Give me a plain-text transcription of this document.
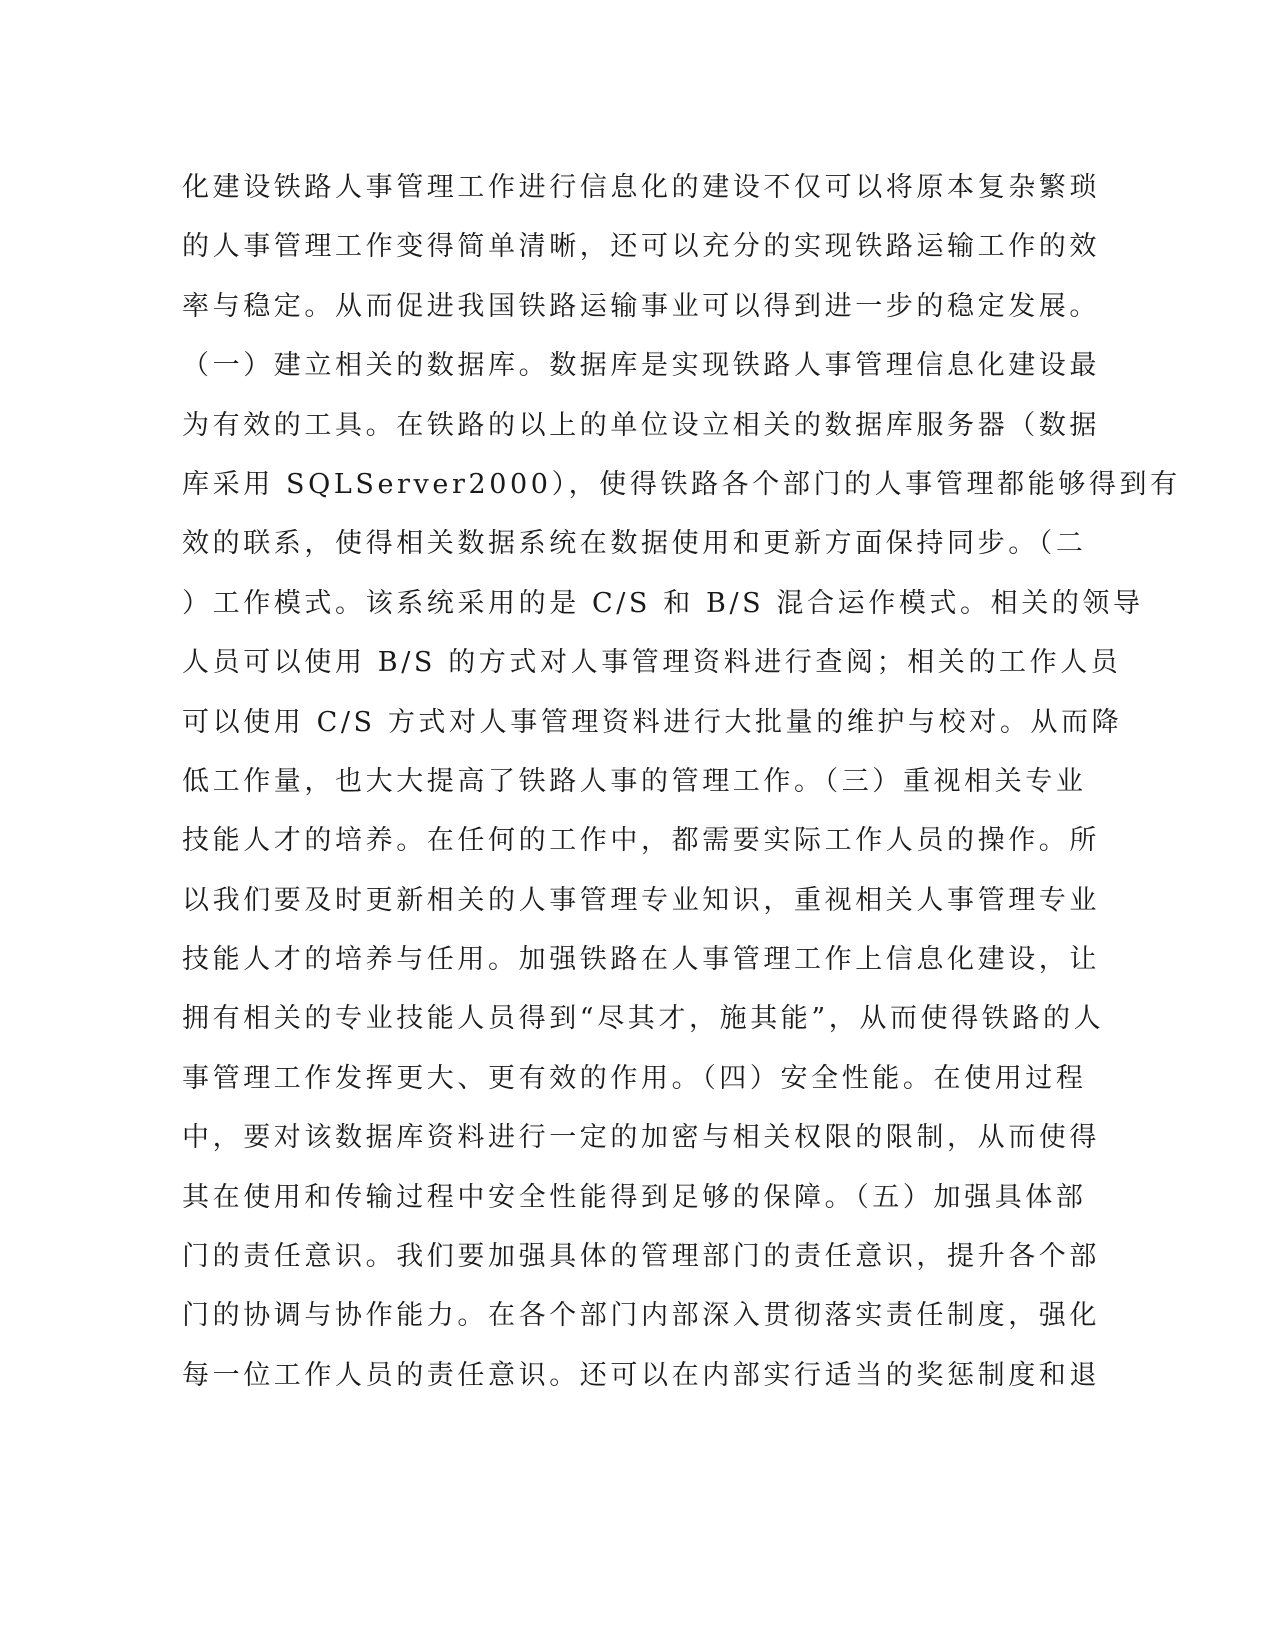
化建设铁路人事管理工作进行信息化的建设不仅可以将原本复杂繁琐
的人事管理工作变得简单清晰，还可以充分的实现铁路运输工作的效
率与稳定。从而促进我国铁路运输事业可以得到进一步的稳定发展。
（一）建立相关的数据库。数据库是实现铁路人事管理信息化建设最
为有效的工具。在铁路的以上的单位设立相关的数据库服务器（数据
库采用 SQLServer2000），使得铁路各个部门的人事管理都能够得到有
效的联系，使得相关数据系统在数据使用和更新方面保持同步。（二
）工作模式。该系统采用的是 C/S 和 B/S 混合运作模式。相关的领导
人员可以使用 B/S 的方式对人事管理资料进行查阅；相关的工作人员
可以使用 C/S 方式对人事管理资料进行大批量的维护与校对。从而降
低工作量，也大大提高了铁路人事的管理工作。（三）重视相关专业
技能人才的培养。在任何的工作中，都需要实际工作人员的操作。所
以我们要及时更新相关的人事管理专业知识，重视相关人事管理专业
技能人才的培养与任用。加强铁路在人事管理工作上信息化建设，让
拥有相关的专业技能人员得到“尽其才，施其能”，从而使得铁路的人
事管理工作发挥更大、更有效的作用。（四）安全性能。在使用过程
中，要对该数据库资料进行一定的加密与相关权限的限制，从而使得
其在使用和传输过程中安全性能得到足够的保障。（五）加强具体部
门的责任意识。我们要加强具体的管理部门的责任意识，提升各个部
门的协调与协作能力。在各个部门内部深入贯彻落实责任制度，强化
每一位工作人员的责任意识。还可以在内部实行适当的奖惩制度和退
